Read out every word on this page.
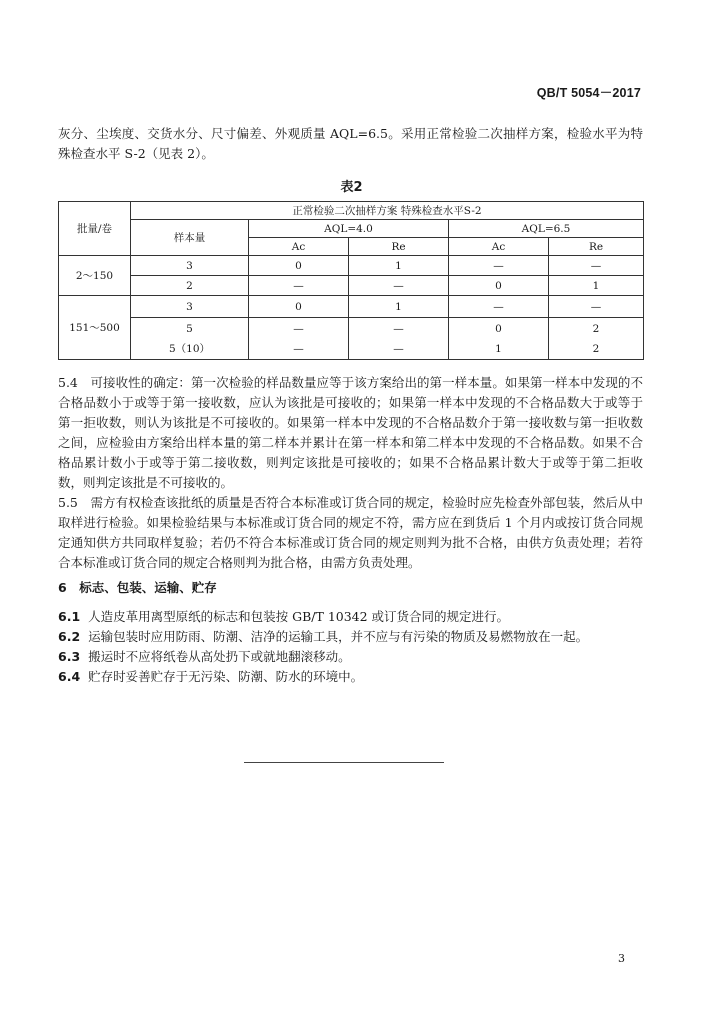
QB/T 5054－2017

灰分、尘埃度、交货水分、尺寸偏差、外观质量 AQL=6.5。采用正常检验二次抽样方案，检验水平为特殊检查水平 S-2（见表 2）。

表2
批量/卷	正常检验二次抽样方案 特殊检查水平S-2				
	样本量	AQL=4.0		AQL=6.5	
		Ac	Re	Ac	Re
2～150	3	0	1	—	—
	2	—	—	0	1
151～500	3	0	1	—	—
	5	—	—	0	2
	5（10）	—	—	1	2

5.4　可接收性的确定：第一次检验的样品数量应等于该方案给出的第一样本量。如果第一样本中发现的不合格品数小于或等于第一接收数，应认为该批是可接收的；如果第一样本中发现的不合格品数大于或等于第一拒收数，则认为该批是不可接收的。如果第一样本中发现的不合格品数介于第一接收数与第一拒收数之间，应检验由方案给出样本量的第二样本并累计在第一样本和第二样本中发现的不合格品数。如果不合格品累计数小于或等于第二接收数，则判定该批是可接收的；如果不合格品累计数大于或等于第二拒收数，则判定该批是不可接收的。

5.5　需方有权检查该批纸的质量是否符合本标准或订货合同的规定，检验时应先检查外部包装，然后从中取样进行检验。如果检验结果与本标准或订货合同的规定不符，需方应在到货后 1 个月内或按订货合同规定通知供方共同取样复验；若仍不符合本标准或订货合同的规定则判为批不合格，由供方负责处理；若符合本标准或订货合同的规定合格则判为批合格，由需方负责处理。

6　标志、包装、运输、贮存
6.1 人造皮革用离型原纸的标志和包装按 GB/T 10342 或订货合同的规定进行。
6.2 运输包装时应用防雨、防潮、洁净的运输工具，并不应与有污染的物质及易燃物放在一起。
6.3 搬运时不应将纸卷从高处扔下或就地翻滚移动。
6.4 贮存时妥善贮存于无污染、防潮、防水的环境中。
3
